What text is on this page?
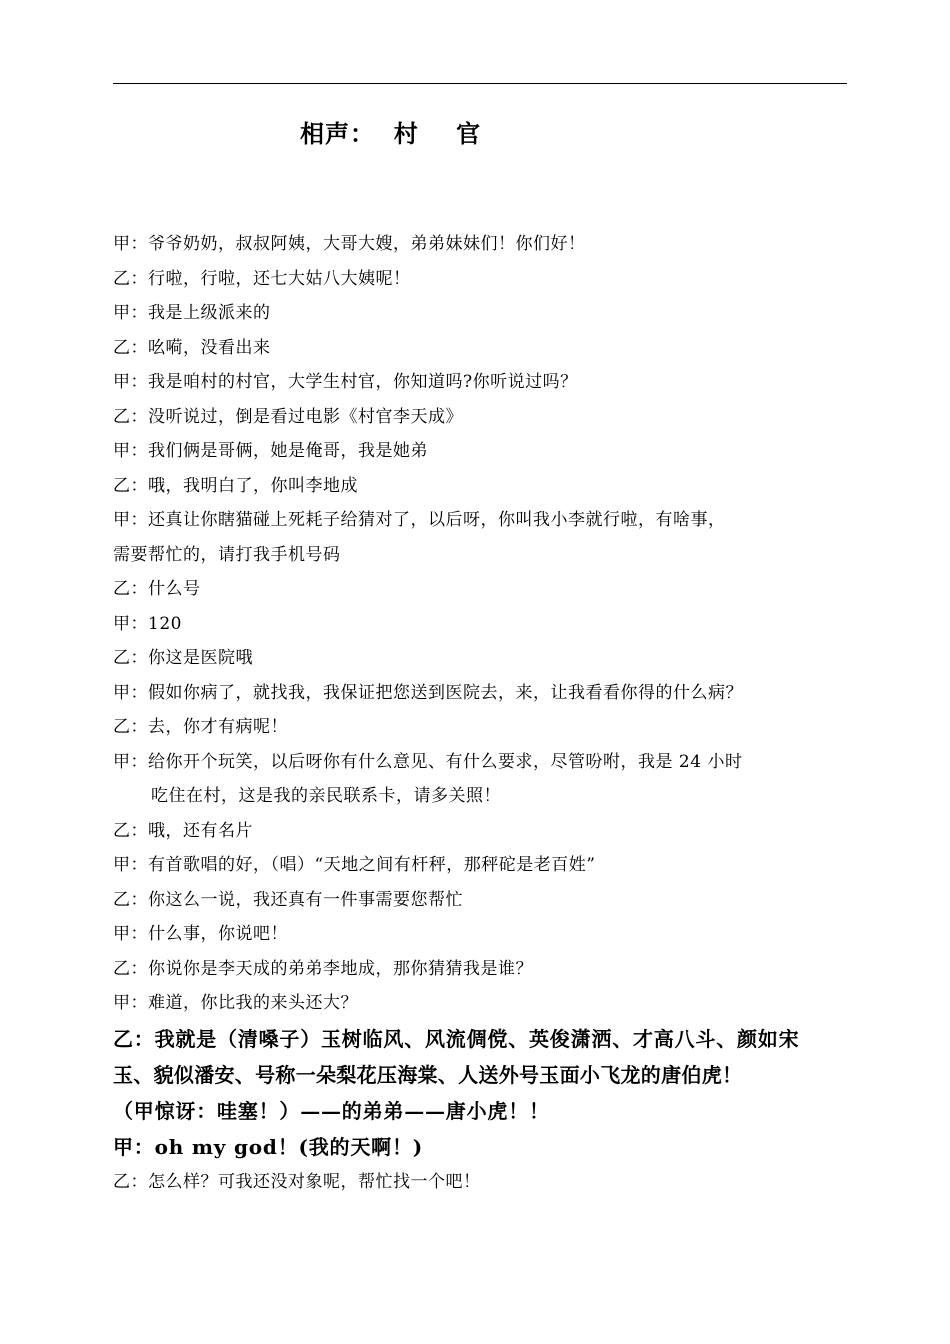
相声：  村    官
甲：爷爷奶奶，叔叔阿姨，大哥大嫂，弟弟妹妹们！你们好！
乙：行啦，行啦，还七大姑八大姨呢！
甲：我是上级派来的
乙：吆嗬，没看出来
甲：我是咱村的村官，大学生村官，你知道吗?你听说过吗？
乙：没听说过，倒是看过电影《村官李天成》
甲：我们俩是哥俩，她是俺哥，我是她弟
乙：哦，我明白了，你叫李地成
甲：还真让你瞎猫碰上死耗子给猜对了，以后呀，你叫我小李就行啦，有啥事，
需要帮忙的，请打我手机号码
乙：什么号
甲：120
乙：你这是医院哦
甲：假如你病了，就找我，我保证把您送到医院去，来，让我看看你得的什么病？
乙：去，你才有病呢！
甲：给你开个玩笑，以后呀你有什么意见、有什么要求，尽管吩咐，我是 24 小时
吃住在村，这是我的亲民联系卡，请多关照！
乙：哦，还有名片
甲：有首歌唱的好，（唱）“天地之间有杆秤，那秤砣是老百姓”
乙：你这么一说，我还真有一件事需要您帮忙
甲：什么事，你说吧！
乙：你说你是李天成的弟弟李地成，那你猜猜我是谁？
甲：难道，你比我的来头还大？
乙：我就是（清嗓子）玉树临风、风流倜傥、英俊潇洒、才高八斗、颜如宋
玉、貌似潘安、号称一朵梨花压海棠、人送外号玉面小飞龙的唐伯虎！
（甲惊讶：哇塞！）——的弟弟——唐小虎！！
甲：oh my god！(我的天啊！)
乙：怎么样？可我还没对象呢，帮忙找一个吧！
